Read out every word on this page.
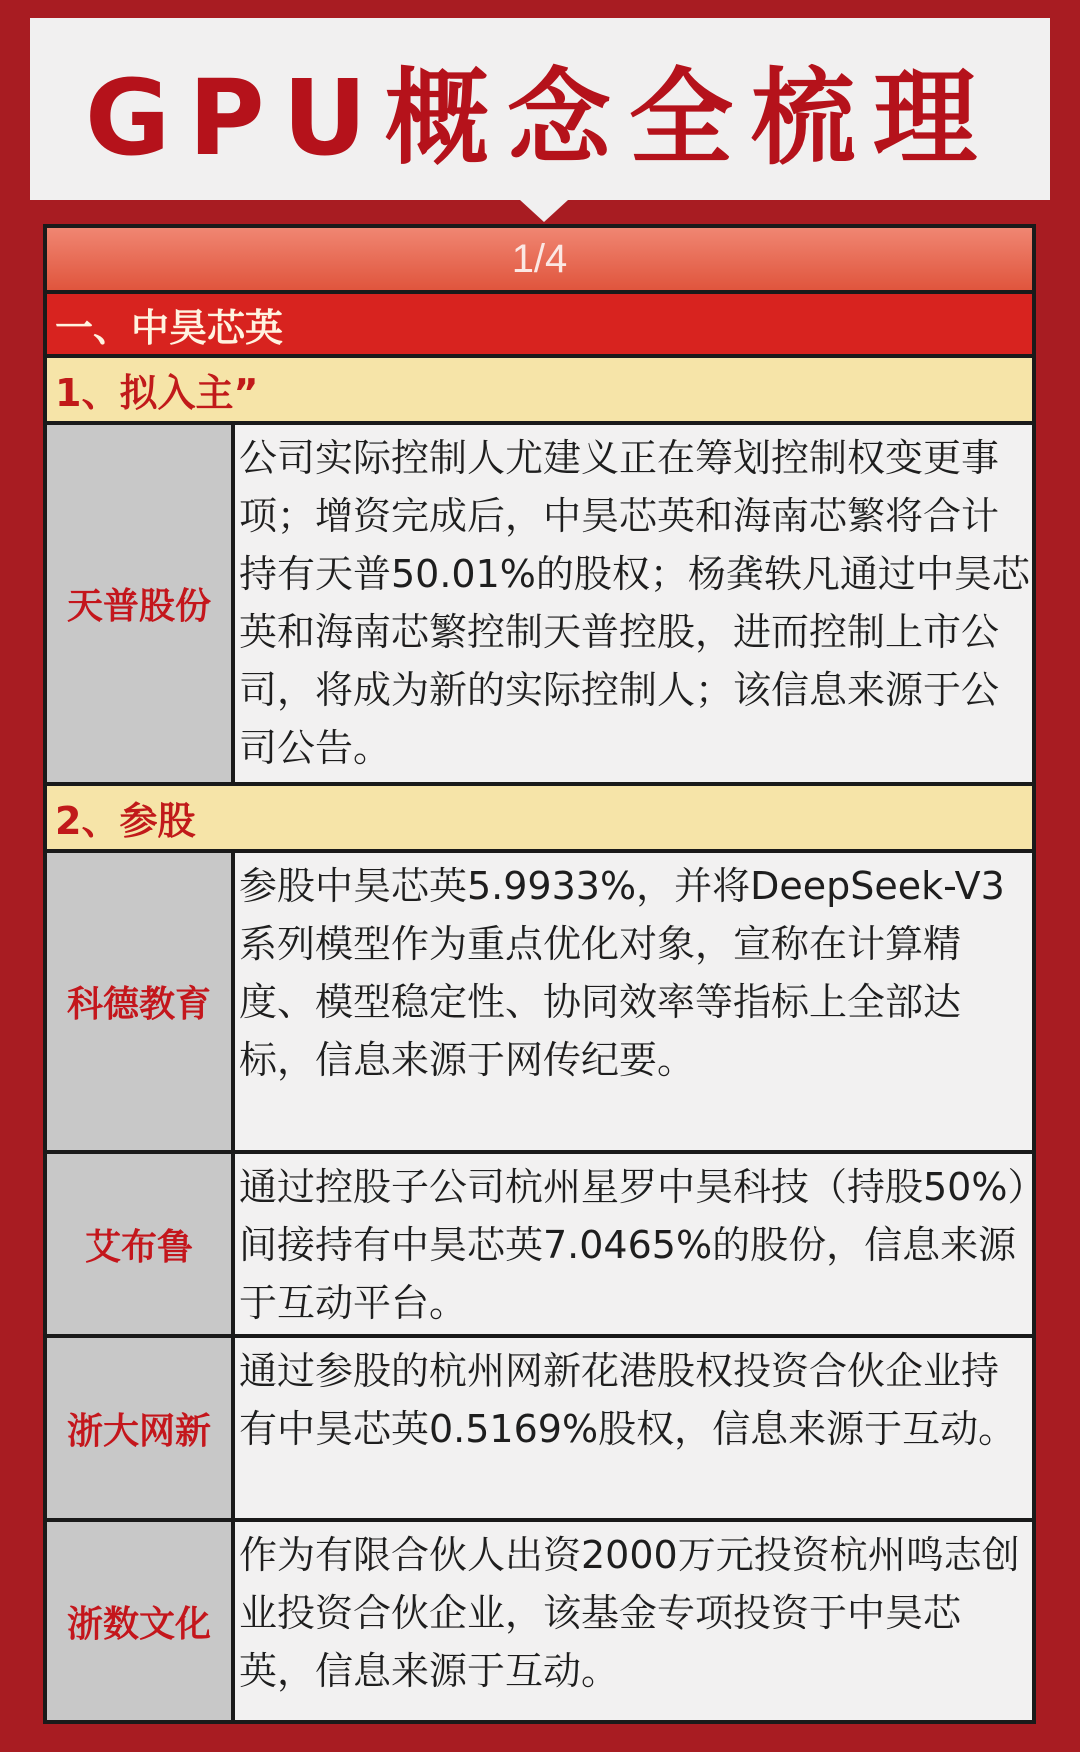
GPU概念全梳理
1/4
一、中昊芯英
1、拟入主”
天普股份
公司实际控制人尤建义正在筹划控制权变更事项；增资完成后，中昊芯英和海南芯繁将合计持有天普50.01%的股权；杨龚轶凡通过中昊芯英和海南芯繁控制天普控股，进而控制上市公司，将成为新的实际控制人；该信息来源于公司公告。
2、参股
科德教育
参股中昊芯英5.9933%，并将DeepSeek-V3系列模型作为重点优化对象，宣称在计算精度、模型稳定性、协同效率等指标上全部达标，信息来源于网传纪要。
艾布鲁
通过控股子公司杭州星罗中昊科技（持股50%）间接持有中昊芯英7.0465%的股份，信息来源于互动平台。
浙大网新
通过参股的杭州网新花港股权投资合伙企业持有中昊芯英0.5169%股权，信息来源于互动。
浙数文化
作为有限合伙人出资2000万元投资杭州鸣志创业投资合伙企业，该基金专项投资于中昊芯英，信息来源于互动。
